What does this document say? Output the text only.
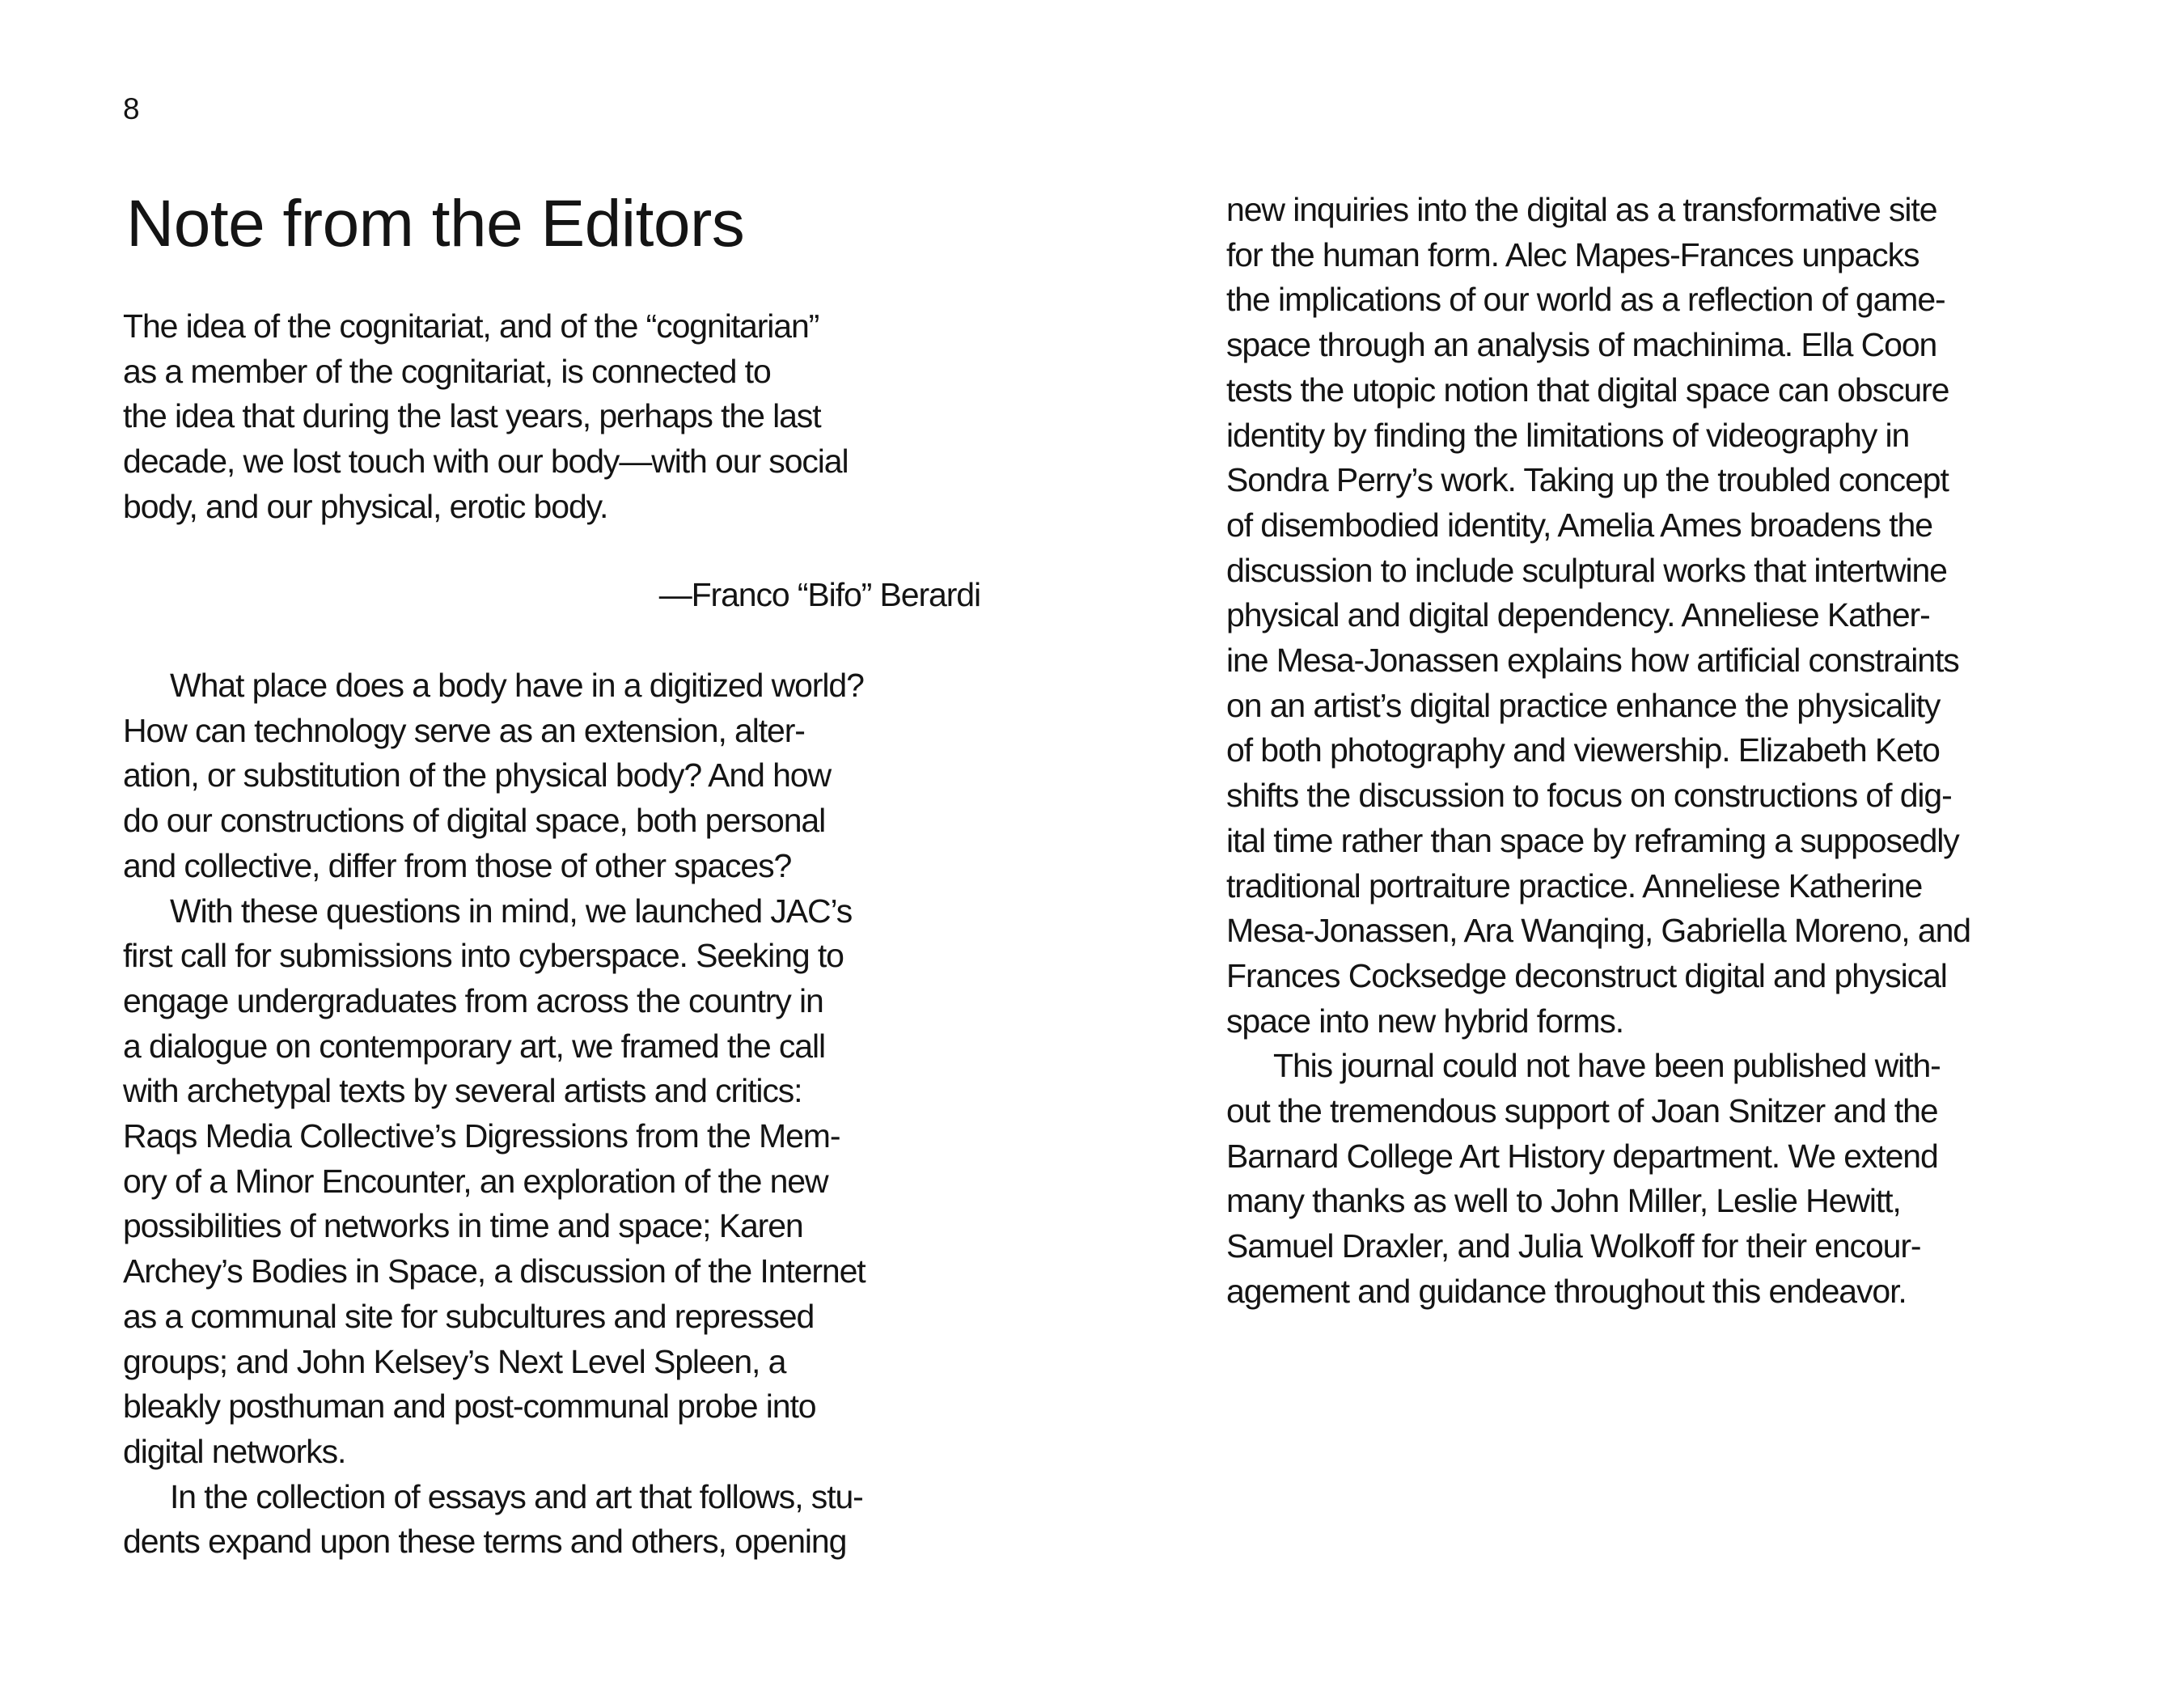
8
Note from the Editors
The idea of the cognitariat, and of the “cognitarian”
as a member of the cognitariat, is connected to
the idea that during the last years, perhaps the last
decade, we lost touch with our body—with our social
body, and our physical, erotic body.
—Franco “Bifo” Berardi
What place does a body have in a digitized world?
How can technology serve as an extension, alter-
ation, or substitution of the physical body? And how
do our constructions of digital space, both personal
and collective, differ from those of other spaces?
With these questions in mind, we launched JAC’s
first call for submissions into cyberspace. Seeking to
engage undergraduates from across the country in
a dialogue on contemporary art, we framed the call
with archetypal texts by several artists and critics:
Raqs Media Collective’s Digressions from the Mem-
ory of a Minor Encounter, an exploration of the new
possibilities of networks in time and space; Karen
Archey’s Bodies in Space, a discussion of the Internet
as a communal site for subcultures and repressed
groups; and John Kelsey’s Next Level Spleen, a
bleakly posthuman and post-communal probe into
digital networks.
In the collection of essays and art that follows, stu-
dents expand upon these terms and others, opening
new inquiries into the digital as a transformative site
for the human form. Alec Mapes-Frances unpacks
the implications of our world as a reflection of game-
space through an analysis of machinima. Ella Coon
tests the utopic notion that digital space can obscure
identity by finding the limitations of videography in
Sondra Perry’s work. Taking up the troubled concept
of disembodied identity, Amelia Ames broadens the
discussion to include sculptural works that intertwine
physical and digital dependency. Anneliese Kather-
ine Mesa-Jonassen explains how artificial constraints
on an artist’s digital practice enhance the physicality
of both photography and viewership. Elizabeth Keto
shifts the discussion to focus on constructions of dig-
ital time rather than space by reframing a supposedly
traditional portraiture practice. Anneliese Katherine
Mesa-Jonassen, Ara Wanqing, Gabriella Moreno, and
Frances Cocksedge deconstruct digital and physical
space into new hybrid forms.
This journal could not have been published with-
out the tremendous support of Joan Snitzer and the
Barnard College Art History department. We extend
many thanks as well to John Miller, Leslie Hewitt,
Samuel Draxler, and Julia Wolkoff for their encour-
agement and guidance throughout this endeavor.
